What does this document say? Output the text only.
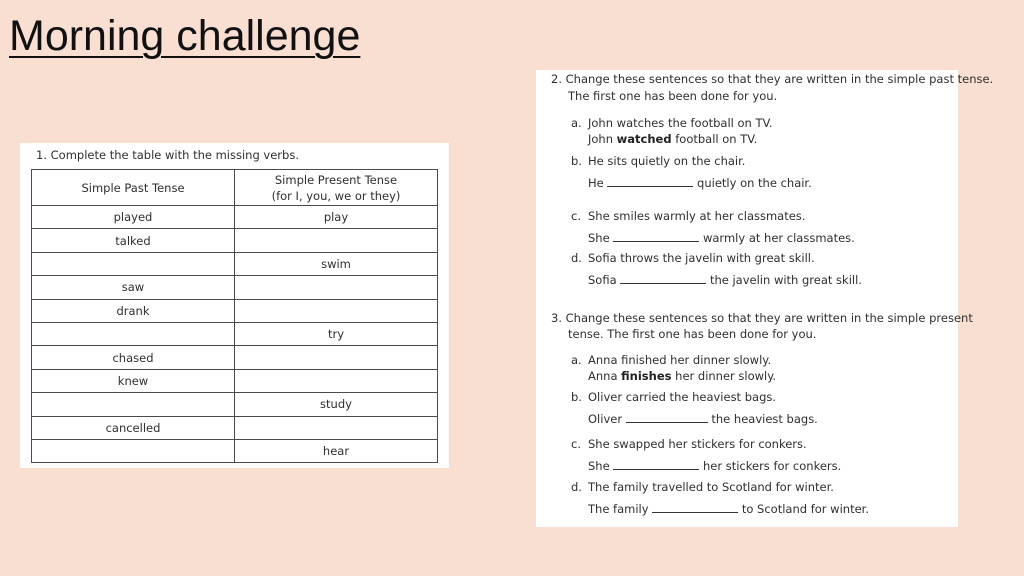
Morning challenge
1. Complete the table with the missing verbs.
Simple Past Tense	Simple Present Tense
(for I, you, we or they)

played	play
talked	
	swim
saw	
drank	
	try
chased	
knew	
	study
cancelled	
	hear
2. Change these sentences so that they are written in the simple past tense.
The first one has been done for you.
a. John watches the football on TV.
John watched football on TV.
b. He sits quietly on the chair.
He	quietly on the chair.
c. She smiles warmly at her classmates.
She	warmly at her classmates.
d. Sofia throws the javelin with great skill.
Sofia	the javelin with great skill.
3. Change these sentences so that they are written in the simple present
tense. The first one has been done for you.
a. Anna finished her dinner slowly.
Anna finishes her dinner slowly.
b. Oliver carried the heaviest bags.
Oliver	the heaviest bags.
c. She swapped her stickers for conkers.
She	her stickers for conkers.
d. The family travelled to Scotland for winter.
The family	to Scotland for winter.
